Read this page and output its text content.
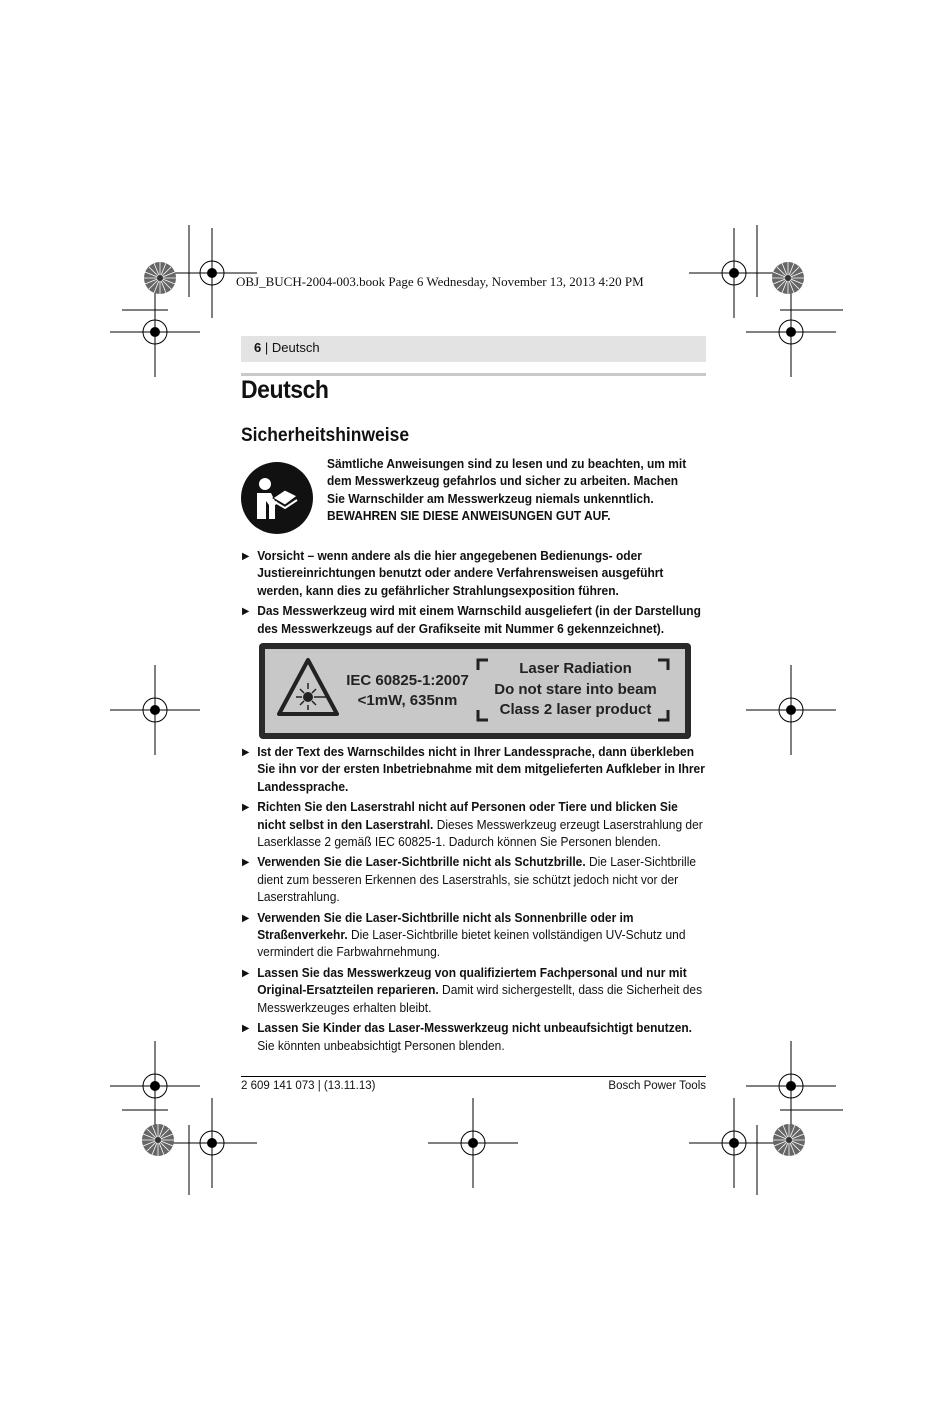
OBJ_BUCH-2004-003.book Page 6 Wednesday, November 13, 2013 4:20 PM
6 | Deutsch
Deutsch
Sicherheitshinweise
Sämtliche Anweisungen sind zu lesen und zu beachten, um mit dem Messwerkzeug gefahrlos und sicher zu arbeiten. Machen Sie Warnschilder am Messwerkzeug niemals unkenntlich. BEWAHREN SIE DIESE ANWEISUNGEN GUT AUF.
▶ Vorsicht – wenn andere als die hier angegebenen Bedienungs- oder Justiereinrichtungen benutzt oder andere Verfahrensweisen ausgeführt werden, kann dies zu gefährlicher Strahlungsexposition führen.
▶ Das Messwerkzeug wird mit einem Warnschild ausgeliefert (in der Darstellung des Messwerkzeugs auf der Grafikseite mit Nummer 6 gekennzeichnet).
IEC 60825-1:2007
<1mW, 635nm
Laser Radiation
Do not stare into beam
Class 2 laser product
▶ Ist der Text des Warnschildes nicht in Ihrer Landessprache, dann überkleben Sie ihn vor der ersten Inbetriebnahme mit dem mitgelieferten Aufkleber in Ihrer Landessprache.
▶ Richten Sie den Laserstrahl nicht auf Personen oder Tiere und blicken Sie nicht selbst in den Laserstrahl. Dieses Messwerkzeug erzeugt Laserstrahlung der Laserklasse 2 gemäß IEC 60825-1. Dadurch können Sie Personen blenden.
▶ Verwenden Sie die Laser-Sichtbrille nicht als Schutzbrille. Die Laser-Sichtbrille dient zum besseren Erkennen des Laserstrahls, sie schützt jedoch nicht vor der Laserstrahlung.
▶ Verwenden Sie die Laser-Sichtbrille nicht als Sonnenbrille oder im Straßenverkehr. Die Laser-Sichtbrille bietet keinen vollständigen UV-Schutz und vermindert die Farbwahrnehmung.
▶ Lassen Sie das Messwerkzeug von qualifiziertem Fachpersonal und nur mit Original-Ersatzteilen reparieren. Damit wird sichergestellt, dass die Sicherheit des Messwerkzeuges erhalten bleibt.
▶ Lassen Sie Kinder das Laser-Messwerkzeug nicht unbeaufsichtigt benutzen. Sie könnten unbeabsichtigt Personen blenden.
2 609 141 073 | (13.11.13)	Bosch Power Tools
